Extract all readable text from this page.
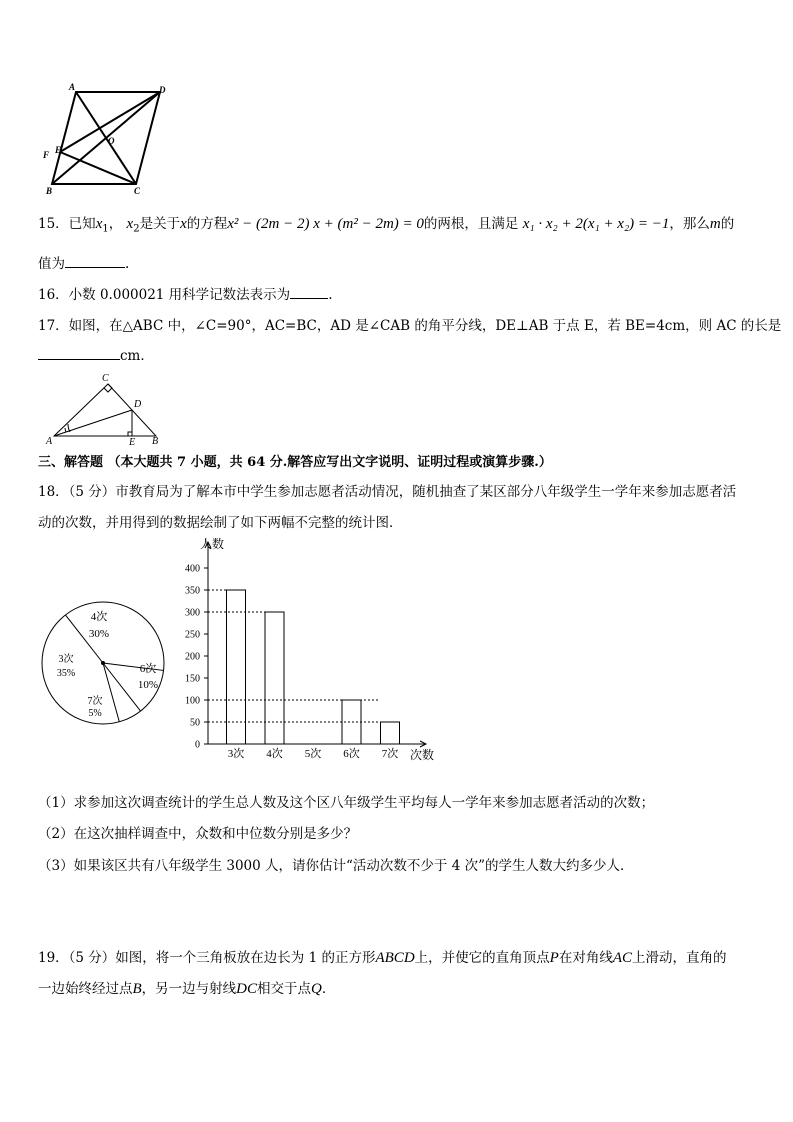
A	D
F E
O
B	C
15．已知$x_1$， $x_2$是关于x的方程x² − (2m − 2) x + (m² − 2m) = 0的两根，且满足 x₁ · x₂ + 2(x₁ + x₂) = −1，那么m的
值为	.
16．小数 0.000021 用科学记数法表示为	.
17．如图，在△ABC 中，∠C=90°，AC=BC，AD 是∠CAB 的角平分线，DE⊥AB 于点 E，若 BE=4cm，则 AC 的长是
cm．
C
D
A	E B
三、解答题 （本大题共 7 小题，共 64 分.解答应写出文字说明、证明过程或演算步骤.）
18．（5 分）市教育局为了解本市中学生参加志愿者活动情况，随机抽查了某区部分八年级学生一学年来参加志愿者活
动的次数，并用得到的数据绘制了如下两幅不完整的统计图．
4次
30%
6次
10%
7次
5%
3次
35%
0
50
100
150
200
250
300
350
400
3次 4次 5次 6次 7次
人数
次数
（1）求参加这次调查统计的学生总人数及这个区八年级学生平均每人一学年来参加志愿者活动的次数；
（2）在这次抽样调查中，众数和中位数分别是多少？
（3）如果该区共有八年级学生 3000 人，请你估计“活动次数不少于 4 次”的学生人数大约多少人．
19．（5 分）如图，将一个三角板放在边长为 1 的正方形ABCD上，并使它的直角顶点P在对角线AC上滑动，直角的
一边始终经过点B，另一边与射线DC相交于点Q．
